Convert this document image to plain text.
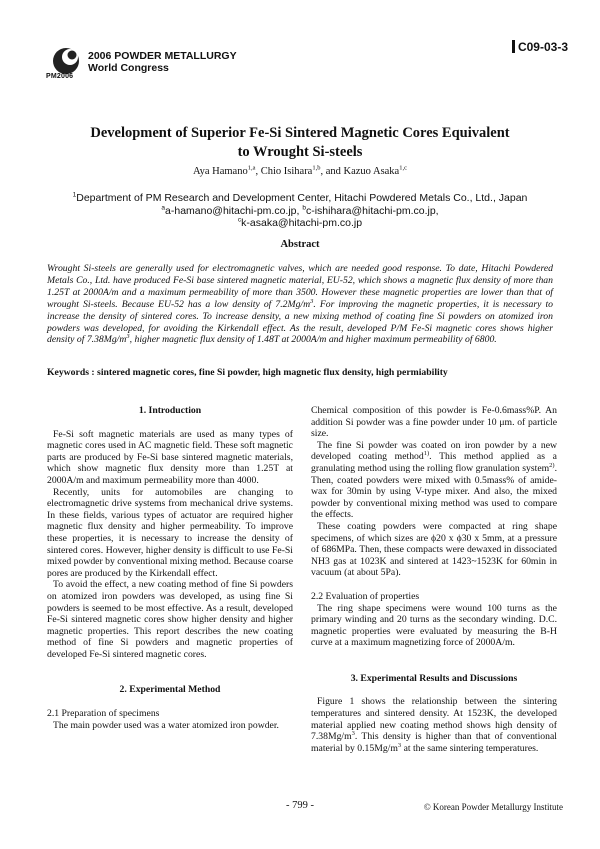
2006 POWDER METALLURGY
World Congress
PM2006
C09-03-3
Development of Superior Fe-Si Sintered Magnetic Cores Equivalent
to Wrought Si-steels
Aya Hamano$^{1,a}$, Chio Isihara$^{1,b}$, and Kazuo Asaka$^{1,c}$
$^1$Department of PM Research and Development Center, Hitachi Powdered Metals Co., Ltd., Japan
$^a$a-hamano@hitachi-pm.co.jp, $^b$c-ishihara@hitachi-pm.co.jp,
$^c$k-asaka@hitachi-pm.co.jp
Abstract
Wrought Si-steels are generally used for electromagnetic valves, which are needed good response. To date, Hitachi Powdered Metals Co., Ltd. have produced Fe-Si base sintered magnetic material, EU-52, which shows a magnetic flux density of more than 1.25T at 2000A/m and a maximum permeability of more than 3500. However these magnetic properties are lower than that of wrought Si-steels. Because EU-52 has a low density of $7.2Mg/m^3$. For improving the magnetic properties, it is necessary to increase the density of sintered cores. To increase density, a new mixing method of coating fine Si powders on atomized iron powders was developed, for avoiding the Kirkendall effect. As the result, developed P/M Fe-Si magnetic cores shows higher density of $7.38Mg/m^3$, higher magnetic flux density of 1.48T at 2000A/m and higher maximum permeability of 6800.
Keywords : sintered magnetic cores, fine Si powder, high magnetic flux density, high permiability

1. Introduction

Fe-Si soft magnetic materials are used as many types of magnetic cores used in AC magnetic field. These soft magnetic parts are produced by Fe-Si base sintered magnetic materials, which show magnetic flux density more than 1.25T at 2000A/m and maximum permeability more than 4000.

Recently, units for automobiles are changing to electromagnetic drive systems from mechanical drive systems. In these fields, various types of actuator are required higher magnetic flux density and higher permeability. To improve these properties, it is necessary to increase the density of sintered cores. However, higher density is difficult to use Fe-Si mixed powder by conventional mixing method. Because coarse pores are produced by the Kirkendall effect.

To avoid the effect, a new coating method of fine Si powders on atomized iron powders was developed, as using fine Si powders is seemed to be most effective. As a result, developed Fe-Si sintered magnetic cores show higher density and higher magnetic properties. This report describes the new coating method of fine Si powders and magnetic properties of developed Fe-Si sintered magnetic cores.

2. Experimental Method

2.1 Preparation of specimens

The main powder used was a water atomized iron powder.

Chemical composition of this powder is Fe-0.6mass%P. An addition Si powder was a fine powder under 10 μm. of particle size.

The fine Si powder was coated on iron powder by a new developed coating method$^{1)}$. This method applied as a granulating method using the rolling flow granulation system$^{2)}$. Then, coated powders were mixed with 0.5mass% of amide-wax for 30min by using V-type mixer. And also, the mixed powder by conventional mixing method was used to compare the effects.

These coating powders were compacted at ring shape specimens, of which sizes are ϕ20 x ϕ30 x 5mm, at a pressure of 686MPa. Then, these compacts were dewaxed in dissociated NH3 gas at 1023K and sintered at 1423~1523K for 60min in vacuum (at about 5Pa).

2.2 Evaluation of properties

The ring shape specimens were wound 100 turns as the primary winding and 20 turns as the secondary winding. D.C. magnetic properties were evaluated by measuring the B-H curve at a maximum magnetizing force of 2000A/m.

3. Experimental Results and Discussions

Figure 1 shows the relationship between the sintering temperatures and sintered density. At 1523K, the developed material applied new coating method shows high density of $7.38Mg/m^3$. This density is higher than that of conventional material by $0.15Mg/m^3$ at the same sintering temperatures.

- 799 -	© Korean Powder Metallurgy Institute
